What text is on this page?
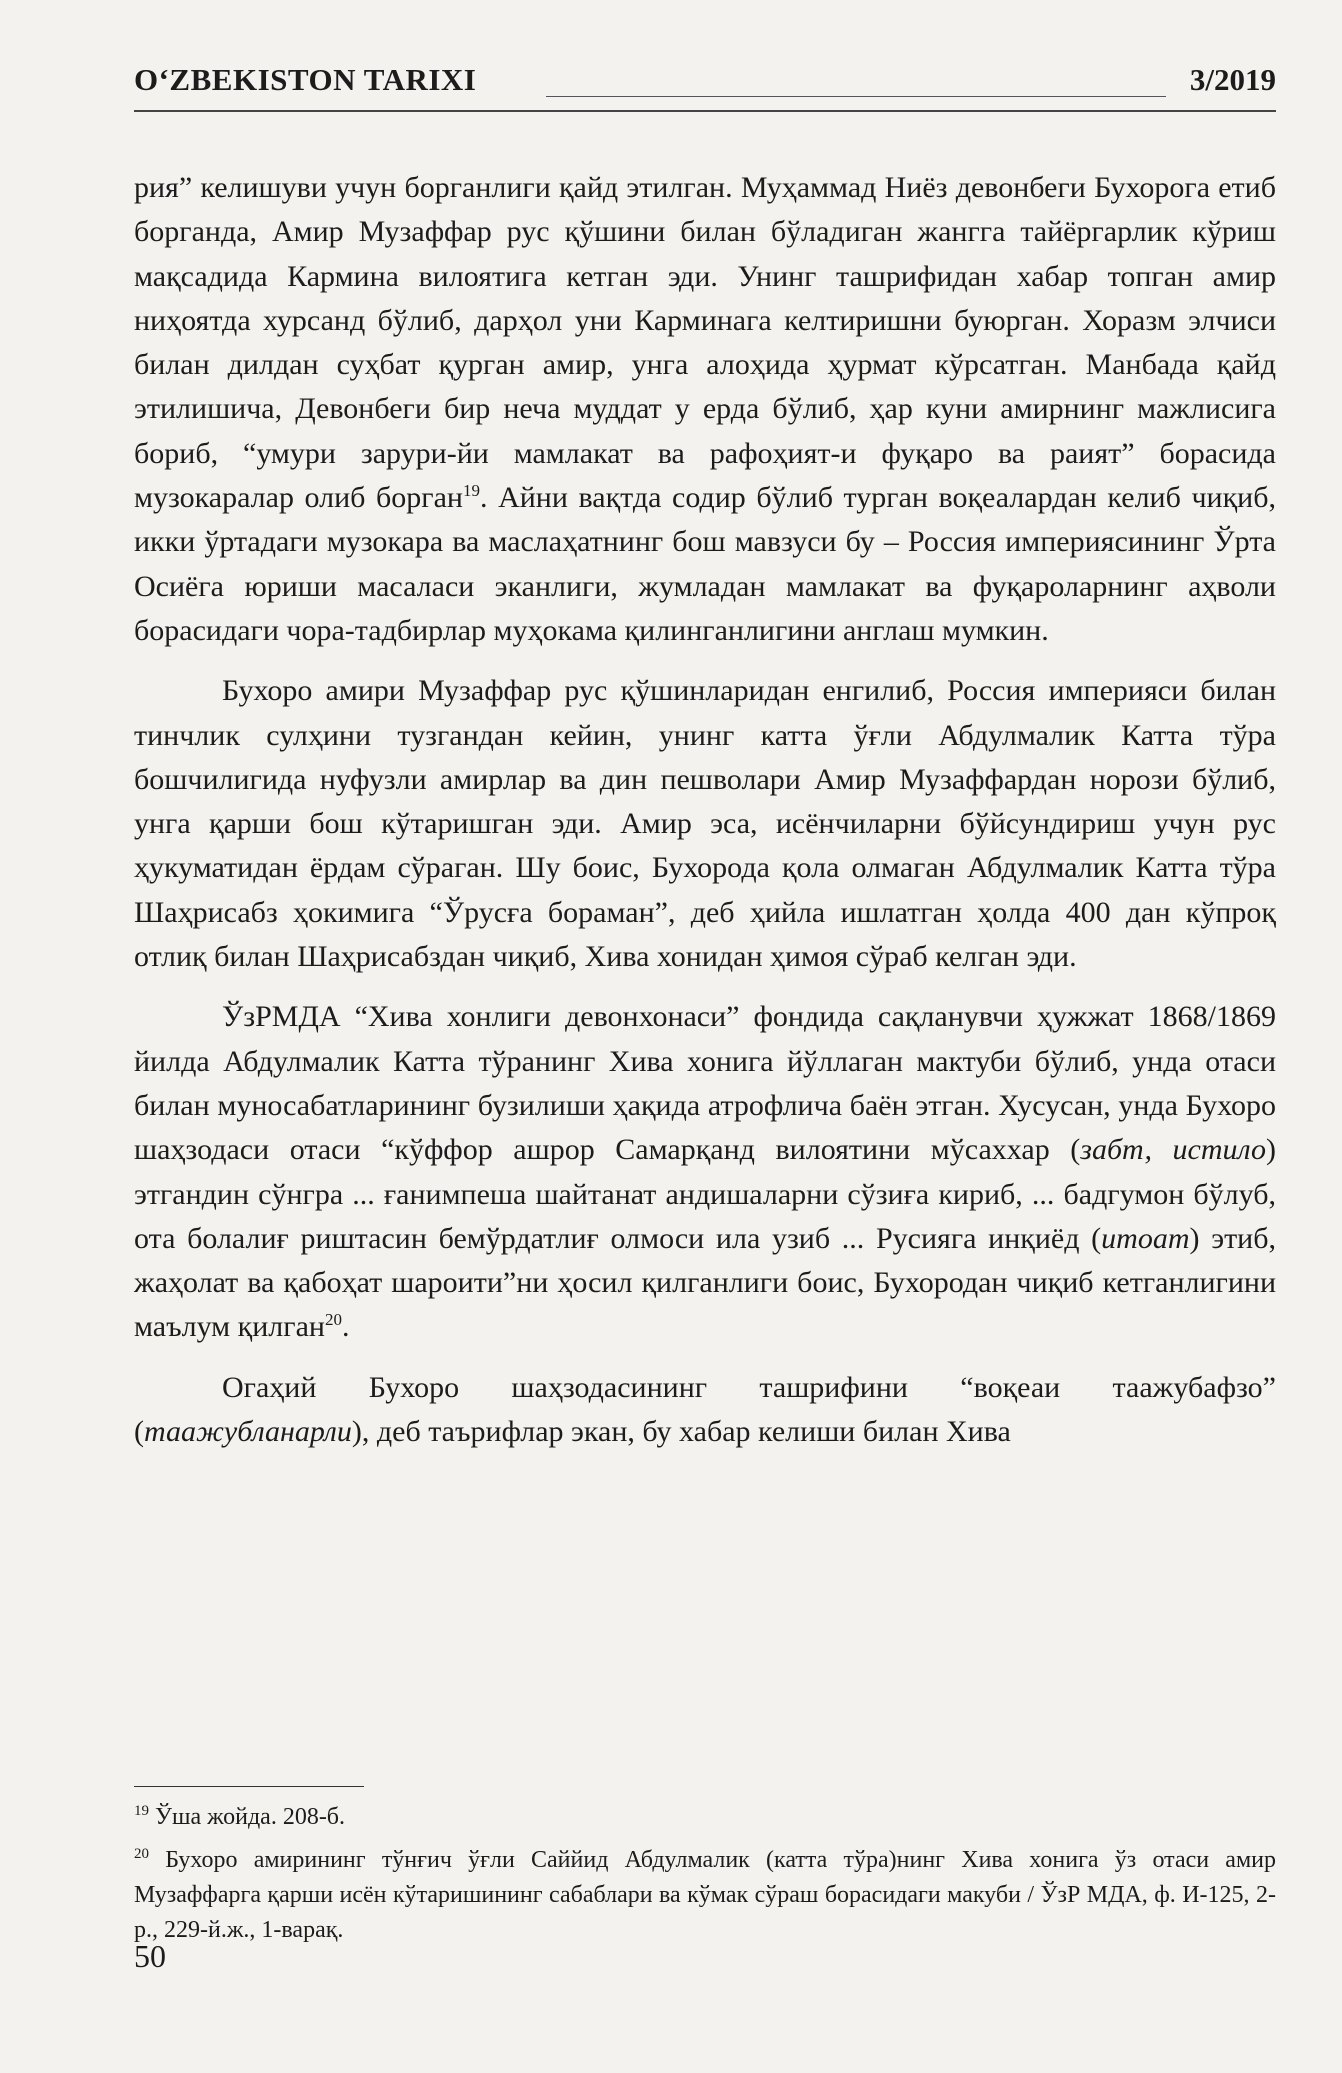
O‘ZBEKISTON TARIXI	3/2019

рия” келишуви учун борганлиги қайд этилган. Муҳаммад Ниёз девонбеги Бухорога етиб борганда, Амир Музаффар рус қўшини билан бўладиган жангга тайёргарлик кўриш мақсадида Кармина вилоятига кетган эди. Унинг ташрифидан хабар топган амир ниҳоятда хурсанд бўлиб, дарҳол уни Карминага келтиришни буюрган. Хоразм элчиси билан дилдан суҳбат қурган амир, унга алоҳида ҳурмат кўрсатган. Манбада қайд этилишича, Девонбеги бир неча муддат у ерда бўлиб, ҳар куни амирнинг мажлисига бориб, “умури зарури-йи мамлакат ва рафоҳият-и фуқаро ва раият” борасида музокаралар олиб борган$^{19}$. Айни вақтда содир бўлиб турган воқеалардан келиб чиқиб, икки ўртадаги музокара ва маслаҳатнинг бош мавзуси бу – Россия империясининг Ўрта Осиёга юриши масаласи эканлиги, жумладан мамлакат ва фуқароларнинг аҳволи борасидаги чора-тадбирлар муҳокама қилинганлигини англаш мумкин.

Бухоро амири Музаффар рус қўшинларидан енгилиб, Россия империяси билан тинчлик сулҳини тузгандан кейин, унинг катта ўғли Абдулмалик Катта тўра бошчилигида нуфузли амирлар ва дин пешволари Амир Музаффардан норози бўлиб, унга қарши бош кўтаришган эди. Амир эса, исёнчиларни бўйсундириш учун рус ҳукуматидан ёрдам сўраган. Шу боис, Бухорода қола олмаган Абдулмалик Катта тўра Шаҳрисабз ҳокимига “Ўрусға бораман”, деб ҳийла ишлатган ҳолда 400 дан кўпроқ отлиқ билан Шаҳрисабздан чиқиб, Хива хонидан ҳимоя сўраб келган эди.

ЎзРМДА “Хива хонлиги девонхонаси” фондида сақланувчи ҳужжат 1868/1869 йилда Абдулмалик Катта тўранинг Хива хонига йўллаган мактуби бўлиб, унда отаси билан муносабатларининг бузилиши ҳақида атрофлича баён этган. Хусусан, унда Бухоро шаҳзодаси отаси “кўффор ашрор Самарқанд вилоятини мўсаххар (забт, истило) этгандин сўнгра ... ғанимпеша шайтанат андишаларни сўзиға кириб, ... бадгумон бўлуб, ота болалиғ риштасин бемўрдатлиғ олмоси ила узиб ... Русияга инқиёд (итоат) этиб, жаҳолат ва қабоҳат шароити”ни ҳосил қилганлиги боис, Бухородан чиқиб кетганлигини маълум қилган$^{20}$.

Огаҳий Бухоро шаҳзодасининг ташрифини “воқеаи таажубафзо” (таажубланарли), деб таърифлар экан, бу хабар келиши билан Хива

$^{19}$ Ўша жойда. 208-б.

$^{20}$ Бухоро амирининг тўнғич ўғли Саййид Абдулмалик (катта тўра)нинг Хива хонига ўз отаси амир Музаффарга қарши исён кўтаришининг сабаблари ва кўмак сўраш борасидаги макуби / ЎзР МДА, ф. И-125, 2-р., 229-й.ж., 1-варақ.

50
